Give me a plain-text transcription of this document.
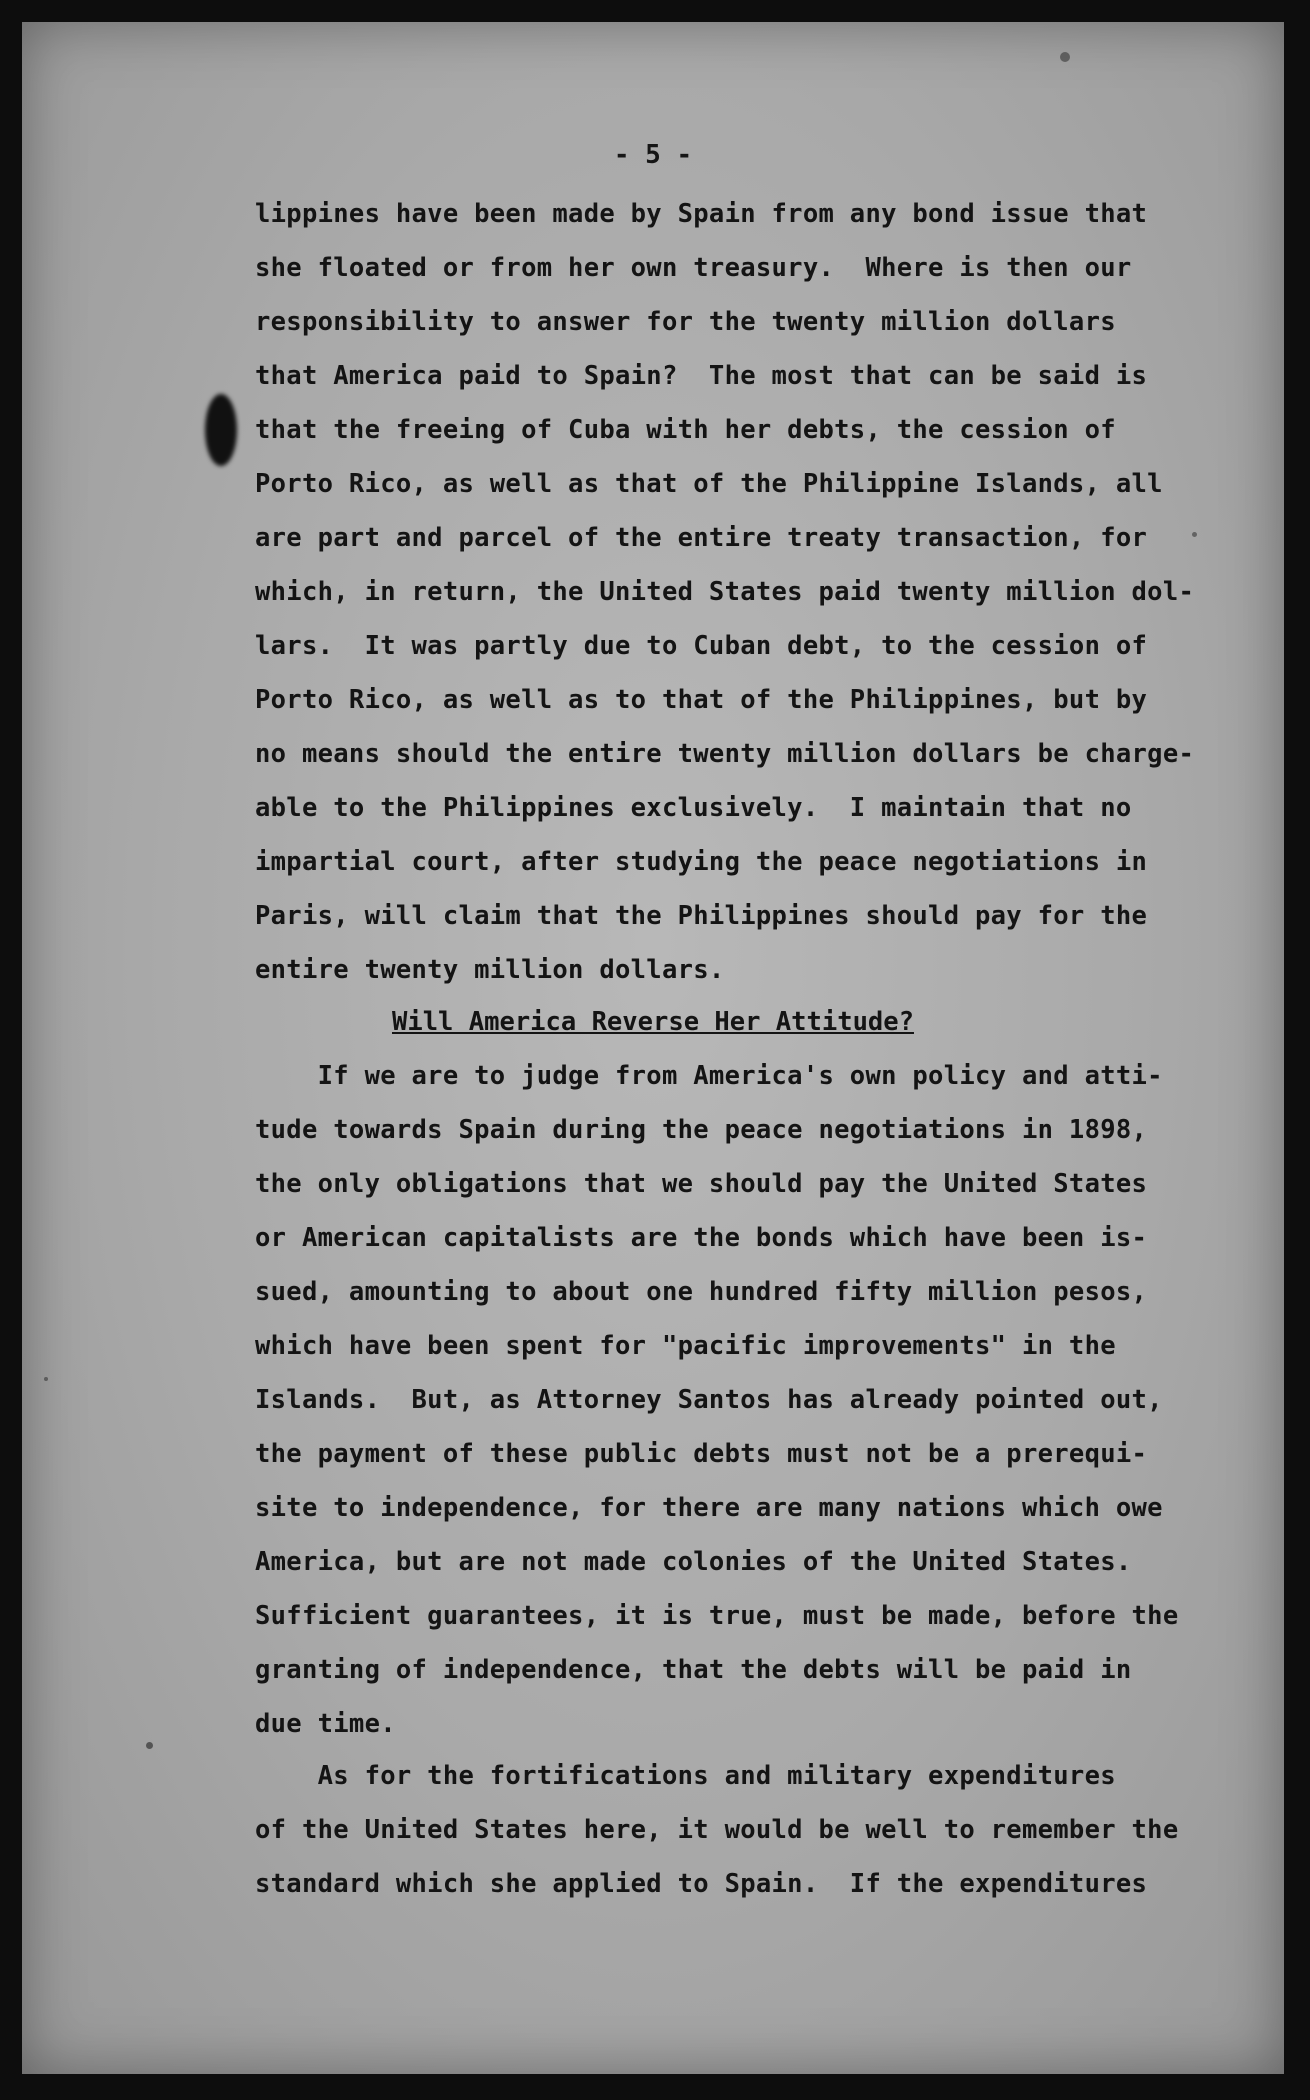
- 5 -
lippines have been made by Spain from any bond issue that
she floated or from her own treasury.  Where is then our
responsibility to answer for the twenty million dollars
that America paid to Spain?  The most that can be said is
that the freeing of Cuba with her debts, the cession of
Porto Rico, as well as that of the Philippine Islands, all
are part and parcel of the entire treaty transaction, for
which, in return, the United States paid twenty million dol-
lars.  It was partly due to Cuban debt, to the cession of
Porto Rico, as well as to that of the Philippines, but by
no means should the entire twenty million dollars be charge-
able to the Philippines exclusively.  I maintain that no
impartial court, after studying the peace negotiations in
Paris, will claim that the Philippines should pay for the
entire twenty million dollars.
If we are to judge from America's own policy and atti-
tude towards Spain during the peace negotiations in 1898,
the only obligations that we should pay the United States
or American capitalists are the bonds which have been is-
sued, amounting to about one hundred fifty million pesos,
which have been spent for "pacific improvements" in the
Islands.  But, as Attorney Santos has already pointed out,
the payment of these public debts must not be a prerequi-
site to independence, for there are many nations which owe
America, but are not made colonies of the United States.
Sufficient guarantees, it is true, must be made, before the
granting of independence, that the debts will be paid in
due time.
As for the fortifications and military expenditures
of the United States here, it would be well to remember the
standard which she applied to Spain.  If the expenditures
Will America Reverse Her Attitude?
